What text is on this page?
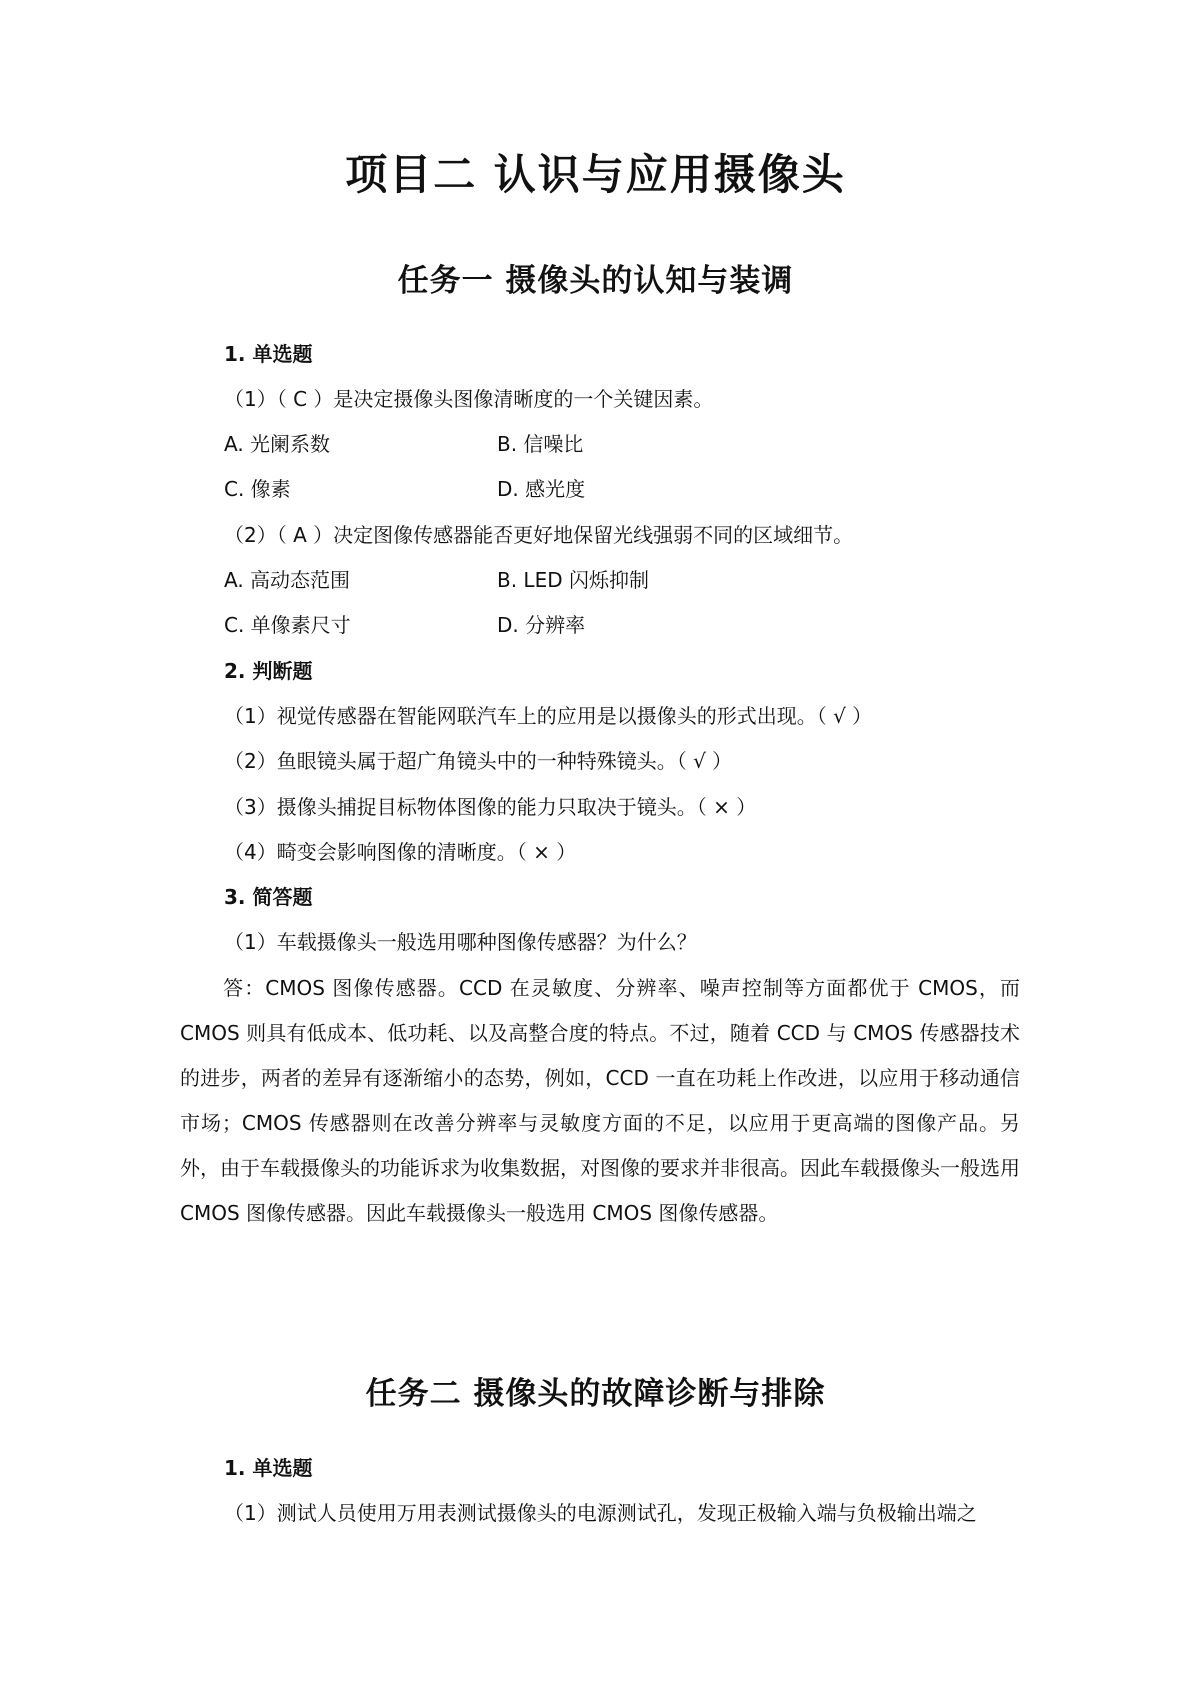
项目二 认识与应用摄像头
任务一 摄像头的认知与装调
1. 单选题
（1）（ C ）是决定摄像头图像清晰度的一个关键因素。
A. 光阑系数	B. 信噪比
C. 像素	D. 感光度
（2）（ A ）决定图像传感器能否更好地保留光线强弱不同的区域细节。
A. 高动态范围	B. LED 闪烁抑制
C. 单像素尺寸	D. 分辨率
2. 判断题
（1）视觉传感器在智能网联汽车上的应用是以摄像头的形式出现。（ √ ）
（2）鱼眼镜头属于超广角镜头中的一种特殊镜头。（ √ ）
（3）摄像头捕捉目标物体图像的能力只取决于镜头。（ × ）
（4）畸变会影响图像的清晰度。（ × ）
3. 简答题
（1）车载摄像头一般选用哪种图像传感器？为什么？
答：CMOS 图像传感器。CCD 在灵敏度、分辨率、噪声控制等方面都优于 CMOS，而 CMOS 则具有低成本、低功耗、以及高整合度的特点。不过，随着 CCD 与 CMOS 传感器技术的进步，两者的差异有逐渐缩小的态势，例如，CCD 一直在功耗上作改进，以应用于移动通信市场；CMOS 传感器则在改善分辨率与灵敏度方面的不足，以应用于更高端的图像产品。另外，由于车载摄像头的功能诉求为收集数据，对图像的要求并非很高。因此车载摄像头一般选用 CMOS 图像传感器。因此车载摄像头一般选用 CMOS 图像传感器。
任务二 摄像头的故障诊断与排除
1. 单选题
（1）测试人员使用万用表测试摄像头的电源测试孔，发现正极输入端与负极输出端之
